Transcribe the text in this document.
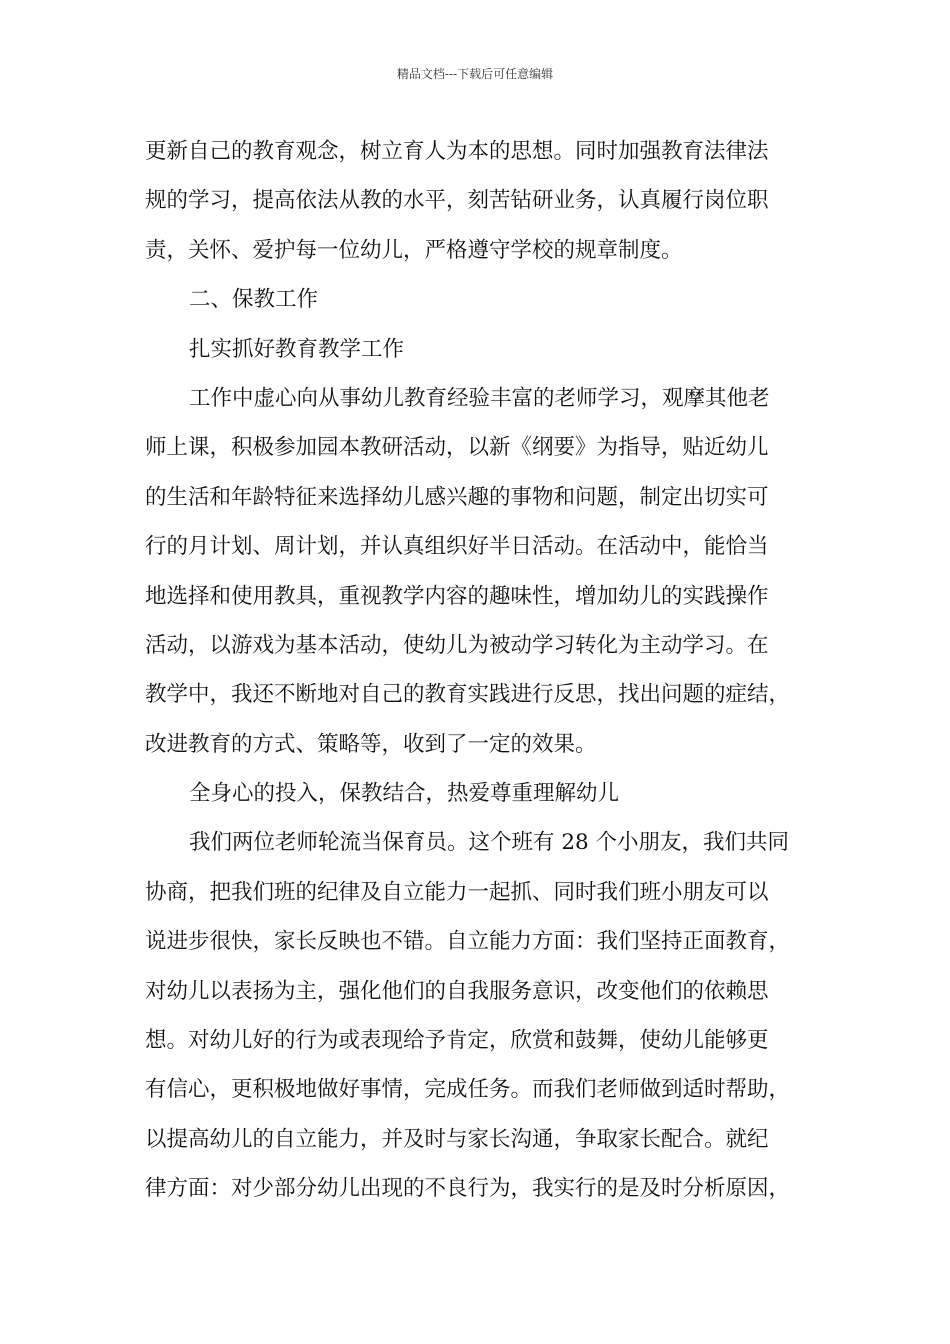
精品文档---下载后可任意编辑
更新自己的教育观念，树立育人为本的思想。同时加强教育法律法
规的学习，提高依法从教的水平，刻苦钻研业务，认真履行岗位职
责，关怀、爱护每一位幼儿，严格遵守学校的规章制度。
二、保教工作
扎实抓好教育教学工作
工作中虚心向从事幼儿教育经验丰富的老师学习，观摩其他老
师上课，积极参加园本教研活动，以新《纲要》为指导，贴近幼儿
的生活和年龄特征来选择幼儿感兴趣的事物和问题，制定出切实可
行的月计划、周计划，并认真组织好半日活动。在活动中，能恰当
地选择和使用教具，重视教学内容的趣味性，增加幼儿的实践操作
活动，以游戏为基本活动，使幼儿为被动学习转化为主动学习。在
教学中，我还不断地对自己的教育实践进行反思，找出问题的症结，
改进教育的方式、策略等，收到了一定的效果。
全身心的投入，保教结合，热爱尊重理解幼儿
我们两位老师轮流当保育员。这个班有 28 个小朋友，我们共同
协商，把我们班的纪律及自立能力一起抓、同时我们班小朋友可以
说进步很快，家长反映也不错。自立能力方面：我们坚持正面教育，
对幼儿以表扬为主，强化他们的自我服务意识，改变他们的依赖思
想。对幼儿好的行为或表现给予肯定，欣赏和鼓舞，使幼儿能够更
有信心，更积极地做好事情，完成任务。而我们老师做到适时帮助，
以提高幼儿的自立能力，并及时与家长沟通，争取家长配合。就纪
律方面：对少部分幼儿出现的不良行为，我实行的是及时分析原因，
